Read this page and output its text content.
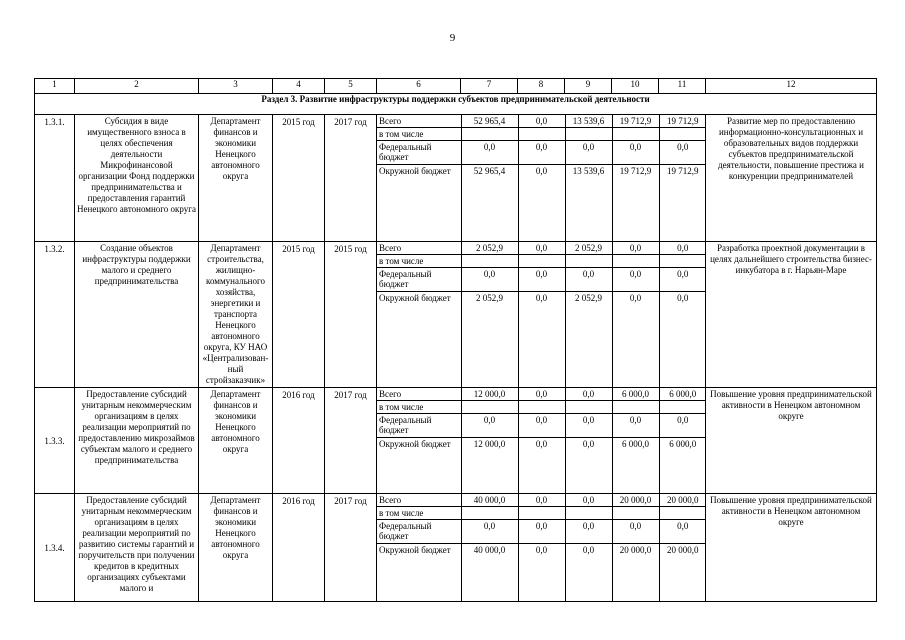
9
1	2	3	4	5	6	7	8	9	10	11	12
Раздел 3. Развитие инфраструктуры поддержки субъектов предпринимательской деятельности
1.3.1.	Субсидия в виде имущественного взноса в целях обеспечения деятельности Микрофинансовой организации Фонд поддержки предпринимательства и предоставления гарантий Ненецкого автономного округа	Департамент финансов и экономики Ненецкого автономного округа	2015 год	2017 год	Всего	52 965,4	0,0	13 539,6	19 712,9	19 712,9
в том числе					
Федеральный бюджет	0,0	0,0	0,0	0,0	0,0
Окружной бюджет	52 965,4	0,0	13 539,6	19 712,9	19 712,9
	Развитие мер по предоставлению информационно-консультационных и образовательных видов поддержки субъектов предпринимательской деятельности, повышение престижа и конкуренции предпринимателей
1.3.2.	Создание объектов инфраструктуры поддержки малого и среднего предпринимательства	Департамент строительства, жилищно-коммунального хозяйства, энергетики и транспорта Ненецкого автономного округа, КУ НАО «Централизован-ный стройзаказчик»	2015 год	2015 год	Всего	2 052,9	0,0	2 052,9	0,0	0,0
в том числе					
Федеральный бюджет	0,0	0,0	0,0	0,0	0,0
Окружной бюджет	2 052,9	0,0	2 052,9	0,0	0,0
	Разработка проектной документации в целях дальнейшего строительства бизнес-инкубатора в г. Нарьян-Маре
1.3.3.	Предоставление субсидий унитарным некоммерческим организациям в целях реализации мероприятий по предоставлению микрозаймов субъектам малого и среднего предпринимательства	Департамент финансов и экономики Ненецкого автономного округа	2016 год	2017 год	Всего	12 000,0	0,0	0,0	6 000,0	6 000,0
в том числе					
Федеральный бюджет	0,0	0,0	0,0	0,0	0,0
Окружной бюджет	12 000,0	0,0	0,0	6 000,0	6 000,0
	Повышение уровня предпринимательской активности в Ненецком автономном округе
1.3.4.	Предоставление субсидий унитарным некоммерческим организациям в целях реализации мероприятий по развитию системы гарантий и поручительств при получении кредитов в кредитных организациях субъектами малого и	Департамент финансов и экономики Ненецкого автономного округа	2016 год	2017 год	Всего	40 000,0	0,0	0,0	20 000,0	20 000,0
в том числе					
Федеральный бюджет	0,0	0,0	0,0	0,0	0,0
Окружной бюджет	40 000,0	0,0	0,0	20 000,0	20 000,0
	Повышение уровня предпринимательской активности в Ненецком автономном округе
